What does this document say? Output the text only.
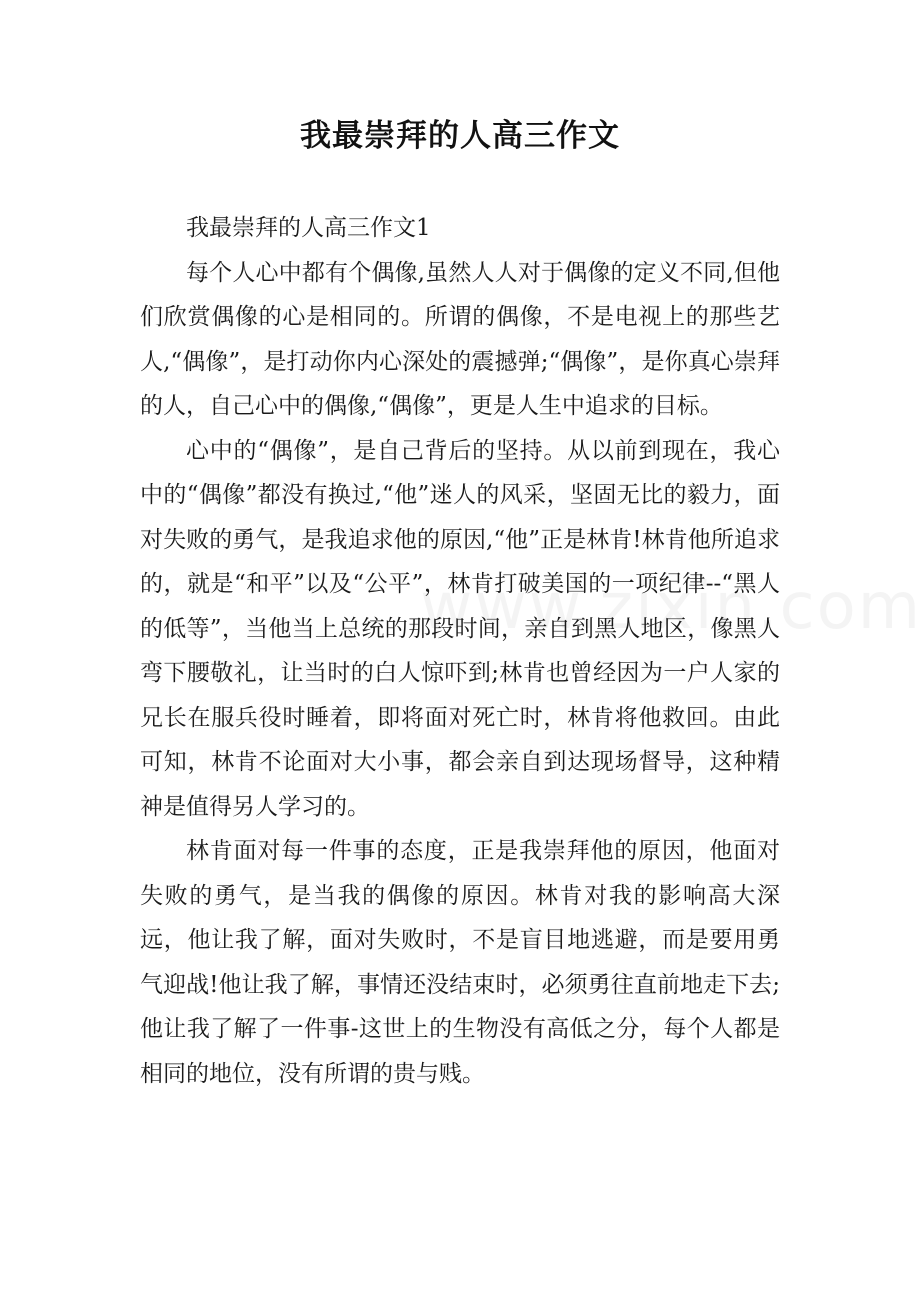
我最崇拜的人高三作文

我最崇拜的人高三作文1

每个人心中都有个偶像,虽然人人对于偶像的定义不同,但他们欣赏偶像的心是相同的。所谓的偶像，不是电视上的那些艺人,“偶像”，是打动你内心深处的震撼弹;“偶像”，是你真心崇拜的人，自己心中的偶像,“偶像”，更是人生中追求的目标。

心中的“偶像”，是自己背后的坚持。从以前到现在，我心中的“偶像”都没有换过,“他”迷人的风采，坚固无比的毅力，面对失败的勇气，是我追求他的原因,“他”正是林肯!林肯他所追求的，就是“和平”以及“公平”，林肯打破美国的一项纪律--“黑人的低等”，当他当上总统的那段时间，亲自到黑人地区，像黑人弯下腰敬礼，让当时的白人惊吓到;林肯也曾经因为一户人家的兄长在服兵役时睡着，即将面对死亡时，林肯将他救回。由此可知，林肯不论面对大小事，都会亲自到达现场督导，这种精神是值得另人学习的。

林肯面对每一件事的态度，正是我崇拜他的原因，他面对失败的勇气，是当我的偶像的原因。林肯对我的影响高大深远，他让我了解，面对失败时，不是盲目地逃避，而是要用勇气迎战!他让我了解，事情还没结束时，必须勇往直前地走下去;他让我了解了一件事-这世上的生物没有高低之分，每个人都是相同的地位，没有所谓的贵与贱。
